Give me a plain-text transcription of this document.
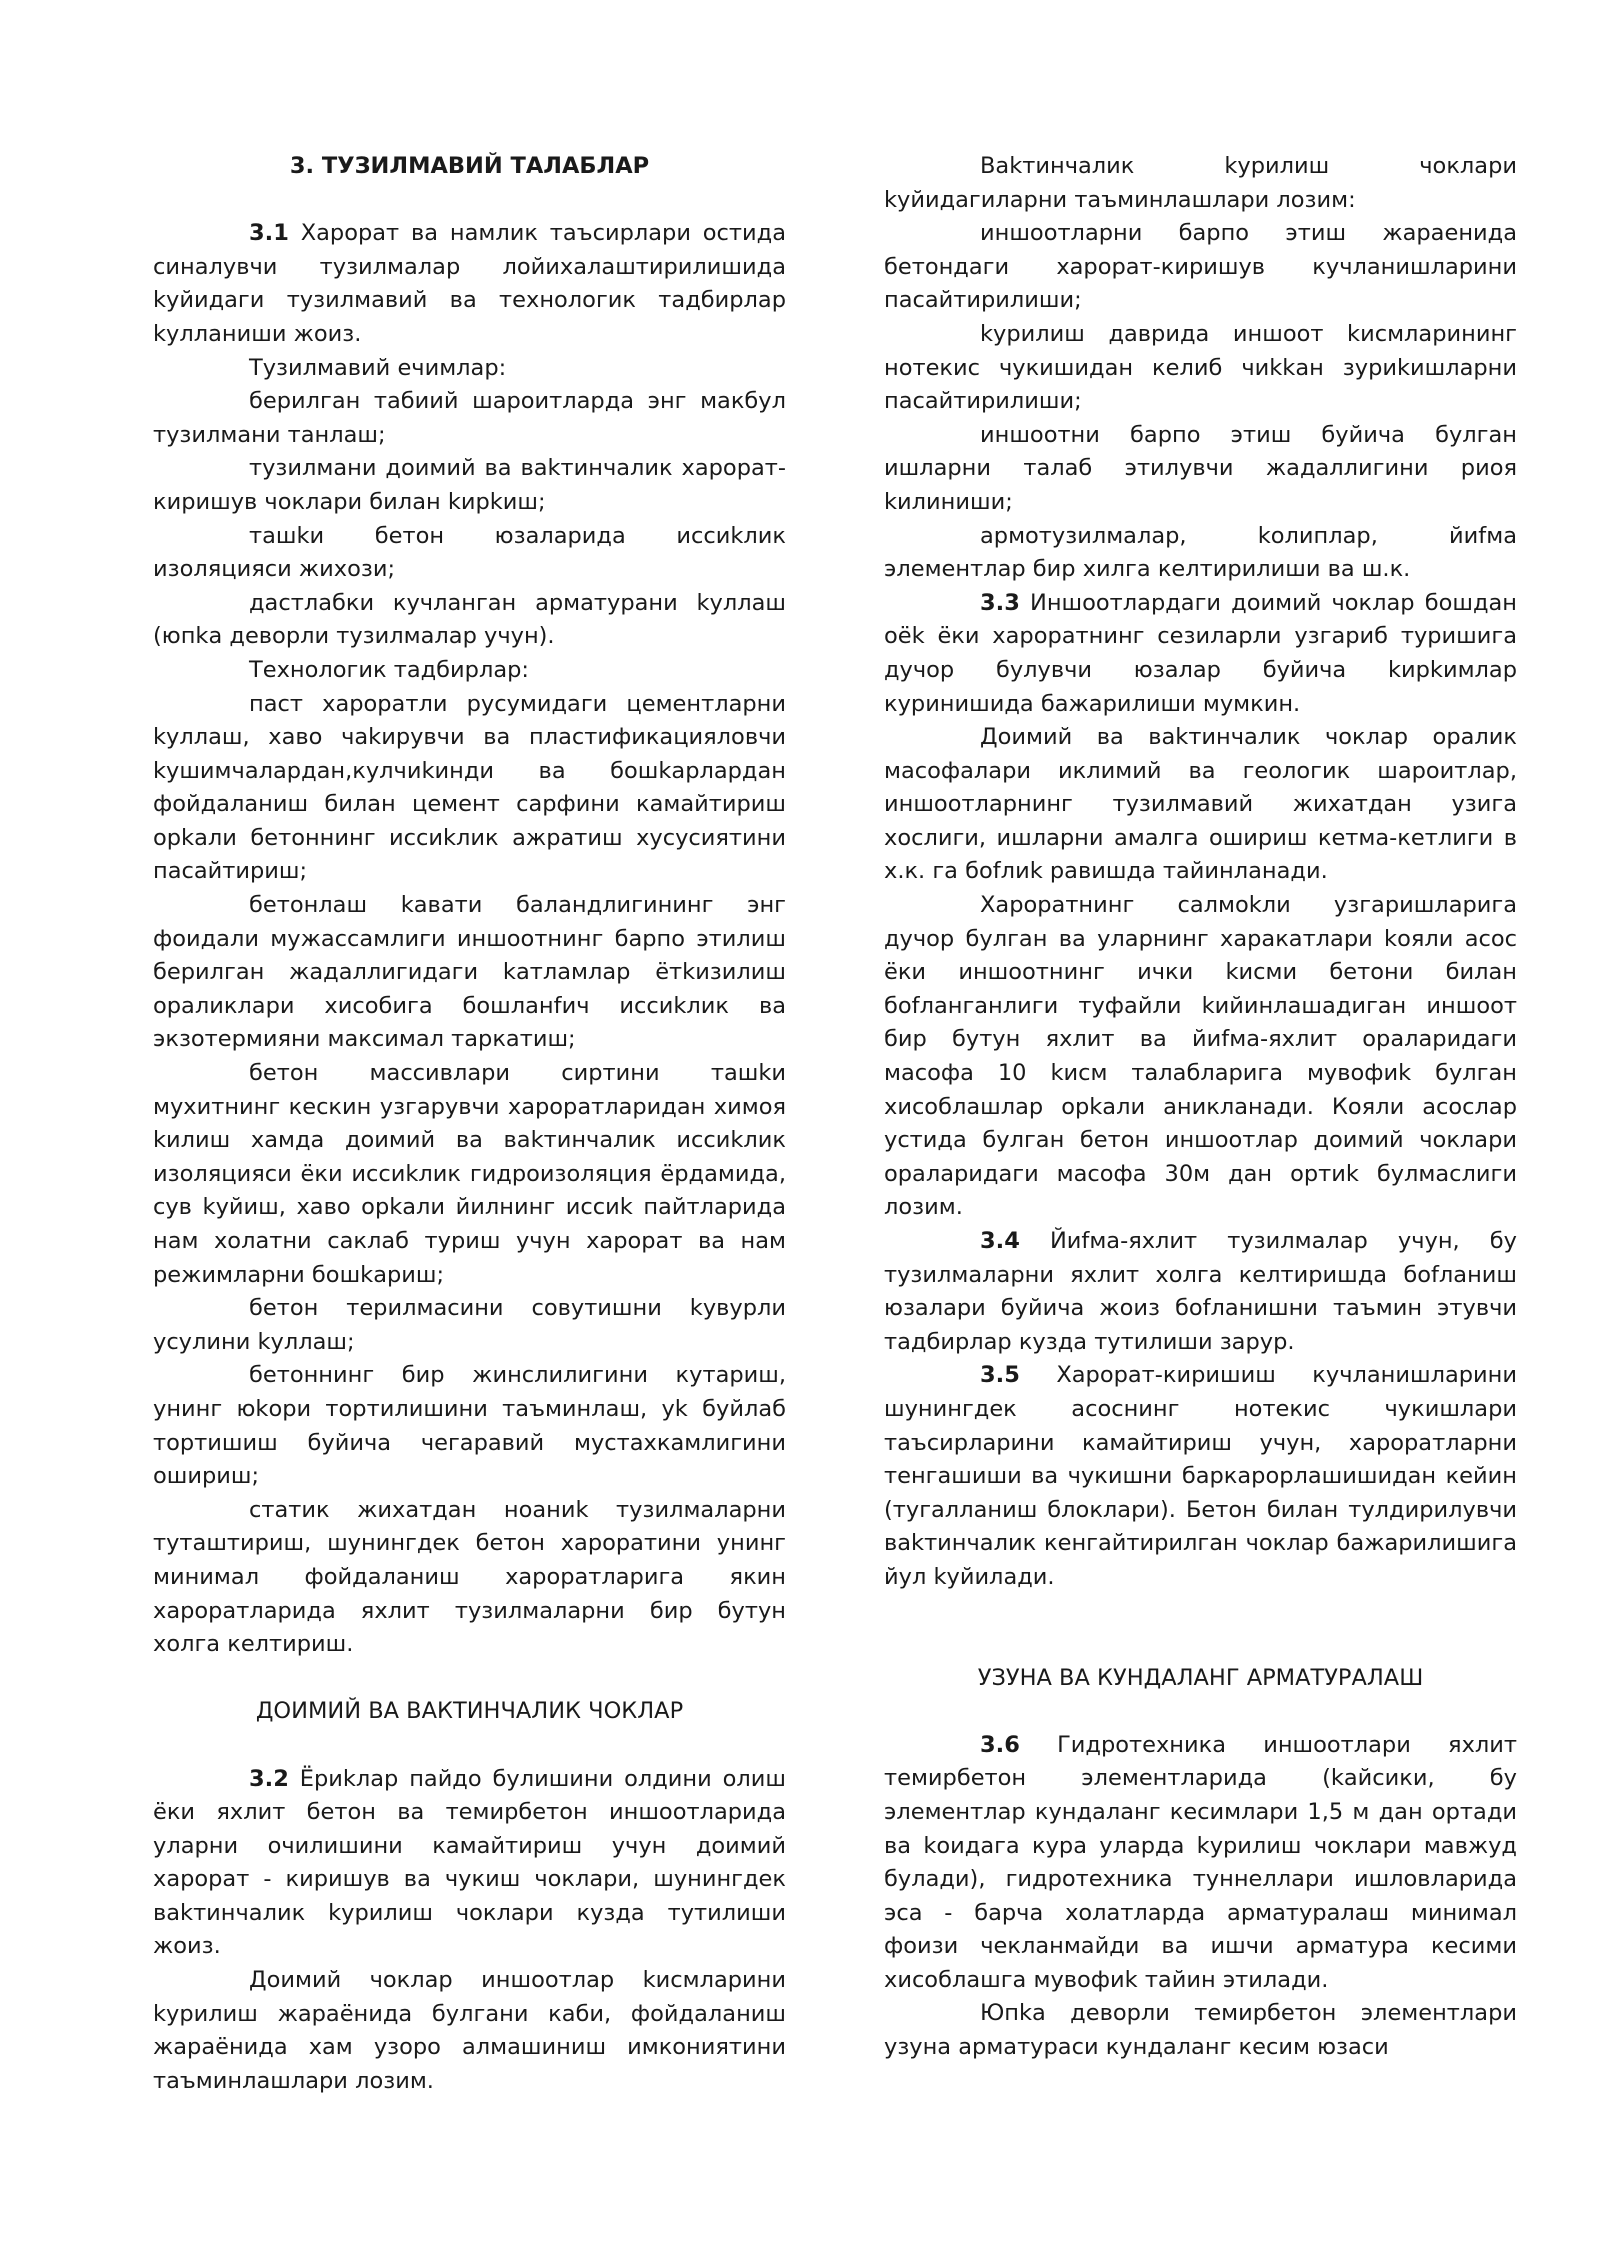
3. ТУЗИЛМАВИЙ ТАЛАБЛАР

3.1 Харорат ва намлик таъсирлари остида синалувчи тузилмалар лойихалаштирилишида kуйидаги тузилмавий ва технологик тадбирлар kулланиши жоиз.

Тузилмавий ечимлар:

берилган табиий шароитларда энг макбул тузилмани танлаш;

тузилмани доимий ва ваkтинчалик харорат-киришув чоклари билан kирkиш;

ташkи бетон юзаларида иссиkлик изоляцияси жихози;

дастлабки кучланган арматурани kуллаш (юпkа деворли тузилмалар учун).

Технологик тадбирлар:

паст хароратли русумидаги цементларни kуллаш, хаво чаkирувчи ва пластификацияловчи kушимчалардан,кулчиkинди ва бошkарлардан фойдаланиш билан цемент сарфини камайтириш орkали бетоннинг иссиkлик ажратиш хусусиятини пасайтириш;

бетонлаш kавати баландлигининг энг фоидали мужассамлиги иншоотнинг барпо этилиш берилган жадаллигидаги kатламлар ётkизилиш ораликлари хисобига бошланfич иссиkлик ва экзотермияни максимал таркатиш;

бетон массивлари сиртини ташkи мухитнинг кескин узгарувчи хароратларидан химоя kилиш хамда доимий ва ваkтинчалик иссиkлик изоляцияси ёки иссиkлик гидроизоляция ёрдамида, сув kуйиш, хаво орkали йилнинг иссиk пайтларида нам холатни саклаб туриш учун харорат ва нам режимларни бошkариш;

бетон терилмасини совутишни kувурли усулини kуллаш;

бетоннинг бир жинслилигини кутариш, унинг юkори тортилишини таъминлаш, уk буйлаб тортишиш буйича чегаравий мустахкамлигини ошириш;

статик жихатдан ноаниk тузилмаларни туташтириш, шунингдек бетон хароратини унинг минимал фойдаланиш хароратларига якин хароратларида яхлит тузилмаларни бир бутун холга келтириш.

ДОИМИЙ ВА ВАКТИНЧАЛИК ЧОКЛАР

3.2 Ёриkлар пайдо булишини олдини олиш ёки яхлит бетон ва темирбетон иншоотларида уларни очилишини камайтириш учун доимий харорат - киришув ва чукиш чоклари, шунингдек ваkтинчалик kурилиш чоклари кузда тутилиши жоиз.

Доимий чоклар иншоотлар kисмларини kурилиш жараёнида булгани каби, фойдаланиш жараёнида хам узоро алмашиниш имкониятини таъминлашлари лозим.

Ваkтинчалик kурилиш чоклари kуйидагиларни таъминлашлари лозим:

иншоотларни барпо этиш жараенида бетондаги харорат-киришув кучланишларини пасайтирилиши;

kурилиш даврида иншоот kисмларининг нотекис чукишидан келиб чиkkан зуриkишларни пасайтирилиши;

иншоотни барпо этиш буйича булган ишларни талаб этилувчи жадаллигини риоя kилиниши;

армотузилмалар, kолиплар, йиfма элементлар бир хилга келтирилиши ва ш.к.

3.3 Иншоотлардаги доимий чоклар бошдан оёk ёки хароратнинг сезиларли узгариб туришига дучор булувчи юзалар буйича kирkимлар куринишида бажарилиши мумкин.

Доимий ва ваkтинчалик чоклар оралик масофалари иклимий ва геологик шароитлар, иншоотларнинг тузилмавий жихатдан узига хослиги, ишларни амалга ошириш кетма-кетлиги в х.к. га боfлиk равишда тайинланади.

Хароратнинг салмоkли узгаришларига дучор булган ва уларнинг харакатлари kояли асос ёки иншоотнинг ички kисми бетони билан боfланганлиги туфайли kийинлашадиган иншоот бир бутун яхлит ва йиfма-яхлит ораларидаги масофа 10 kисм талабларига мувофиk булган хисоблашлар орkали аникланади. Кояли асослар устида булган бетон иншоотлар доимий чоклари ораларидаги масофа 30м дан ортиk булмаслиги лозим.

3.4 Йиfма-яхлит тузилмалар учун, бу тузилмаларни яхлит холга келтиришда боfланиш юзалари буйича жоиз боfланишни таъмин этувчи тадбирлар кузда тутилиши зарур.

3.5 Харорат-киришиш кучланишларини шунингдек асоснинг нотекис чукишлари таъсирларини камайтириш учун, хароратларни тенгашиши ва чукишни баркарорлашишидан кейин (тугалланиш блоклари). Бетон билан тулдирилувчи ваkтинчалик кенгайтирилган чоклар бажарилишига йул kуйилади.

УЗУНА ВА КУНДАЛАНГ АРМАТУРАЛАШ

3.6 Гидротехника иншоотлари яхлит темирбетон элементларида (kайсики, бу элементлар кундаланг кесимлари 1,5 м дан ортади ва kоидага кура уларда kурилиш чоклари мавжуд булади), гидротехника туннеллари ишловларида эса - барча холатларда арматуралаш минимал фоизи чекланмайди ва ишчи арматура кесими хисоблашга мувофиk тайин этилади.

Юпkа деворли темирбетон элементлари узуна арматураси кундаланг кесим юзаси
